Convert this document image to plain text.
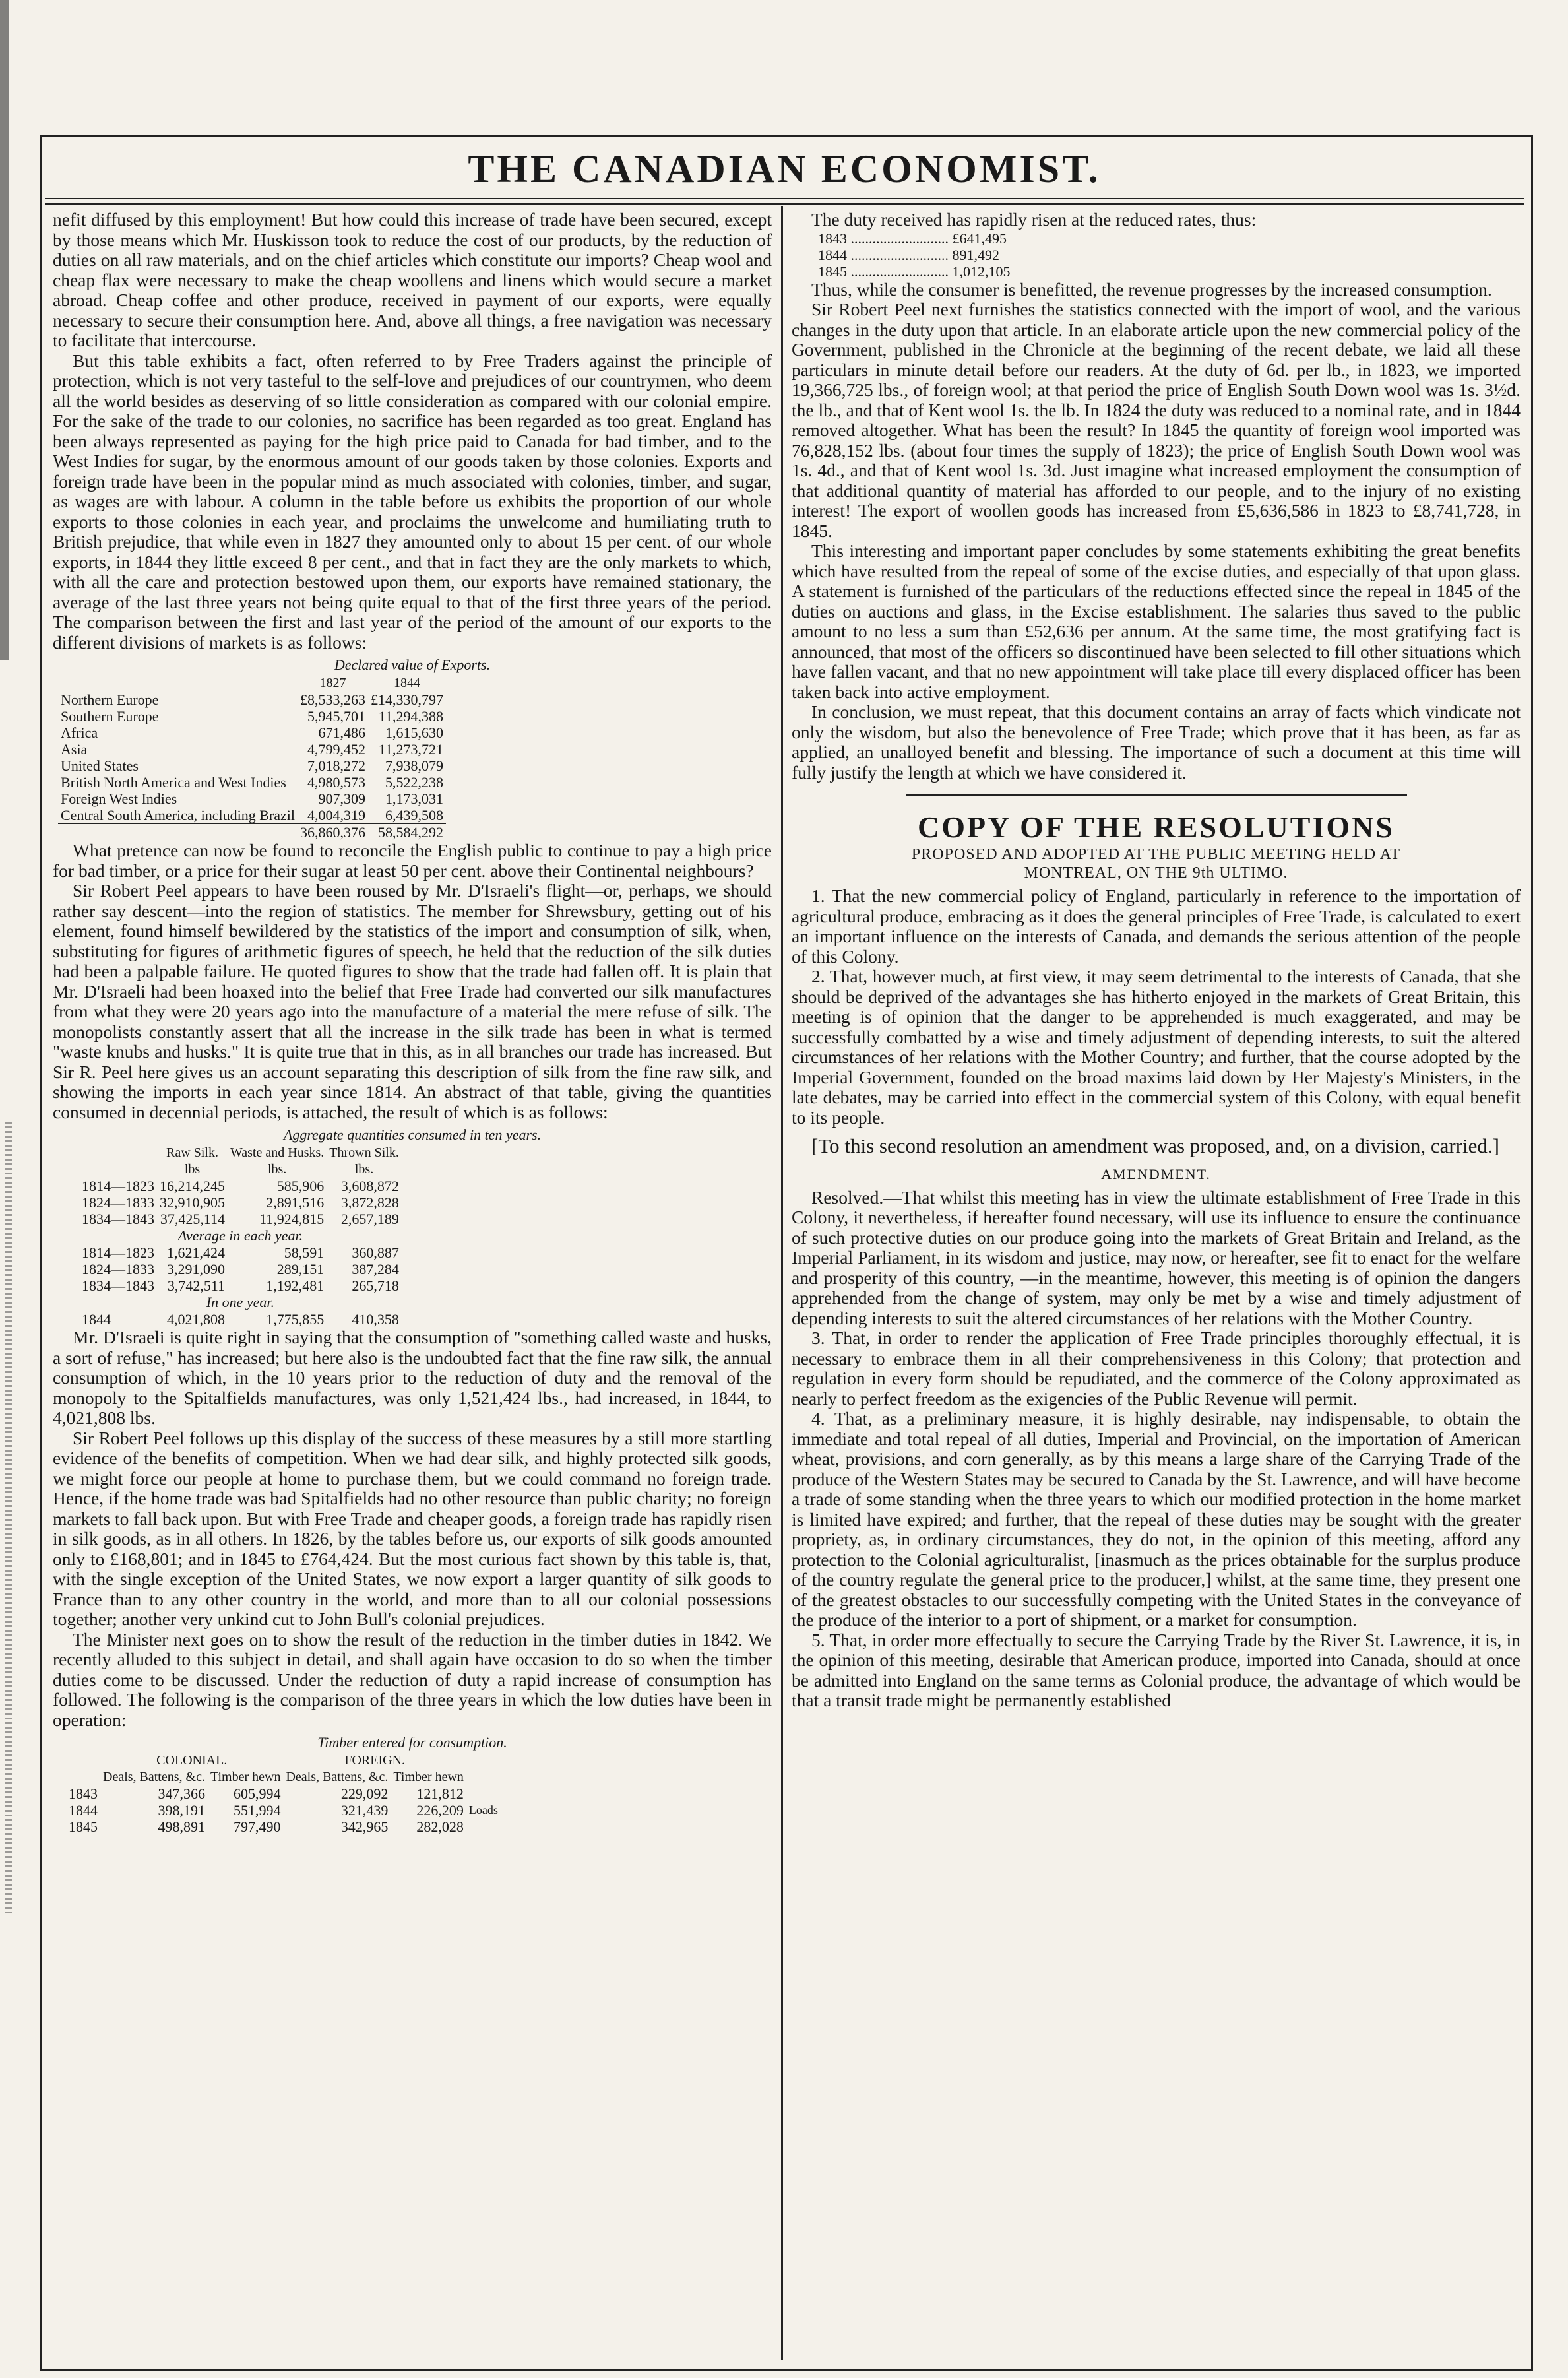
THE CANADIAN ECONOMIST.

nefit diffused by this employment! But how could this increase of trade have been secured, except by those means which Mr. Huskisson took to reduce the cost of our products, by the reduction of duties on all raw materials, and on the chief articles which constitute our imports? Cheap wool and cheap flax were necessary to make the cheap woollens and linens which would secure a market abroad. Cheap coffee and other produce, received in payment of our exports, were equally necessary to secure their consumption here. And, above all things, a free navigation was necessary to facilitate that intercourse.

But this table exhibits a fact, often referred to by Free Traders against the principle of protection, which is not very tasteful to the self-love and prejudices of our countrymen, who deem all the world besides as deserving of so little consideration as compared with our colonial empire. For the sake of the trade to our colonies, no sacrifice has been regarded as too great. England has been always represented as paying for the high price paid to Canada for bad timber, and to the West Indies for sugar, by the enormous amount of our goods taken by those colonies. Exports and foreign trade have been in the popular mind as much associated with colonies, timber, and sugar, as wages are with labour. A column in the table before us exhibits the proportion of our whole exports to those colonies in each year, and proclaims the unwelcome and humiliating truth to British prejudice, that while even in 1827 they amounted only to about 15 per cent. of our whole exports, in 1844 they little exceed 8 per cent., and that in fact they are the only markets to which, with all the care and protection bestowed upon them, our exports have remained stationary, the average of the last three years not being quite equal to that of the first three years of the period. The comparison between the first and last year of the period of the amount of our exports to the different divisions of markets is as follows:

Declared value of Exports.
	1827	1844
Northern Europe	£8,533,263	£14,330,797
Southern Europe	5,945,701	11,294,388
Africa	671,486	1,615,630
Asia	4,799,452	11,273,721
United States	7,018,272	7,938,079
British North America and West Indies	4,980,573	5,522,238
Foreign West Indies	907,309	1,173,031
Central South America, including Brazil	4,004,319	6,439,508
	36,860,376	58,584,292

What pretence can now be found to reconcile the English public to continue to pay a high price for bad timber, or a price for their sugar at least 50 per cent. above their Continental neighbours?

Sir Robert Peel appears to have been roused by Mr. D'Israeli's flight—or, perhaps, we should rather say descent—into the region of statistics. The member for Shrewsbury, getting out of his element, found himself bewildered by the statistics of the import and consumption of silk, when, substituting for figures of arithmetic figures of speech, he held that the reduction of the silk duties had been a palpable failure. He quoted figures to show that the trade had fallen off. It is plain that Mr. D'Israeli had been hoaxed into the belief that Free Trade had converted our silk manufactures from what they were 20 years ago into the manufacture of a material the mere refuse of silk. The monopolists constantly assert that all the increase in the silk trade has been in what is termed "waste knubs and husks." It is quite true that in this, as in all branches our trade has increased. But Sir R. Peel here gives us an account separating this description of silk from the fine raw silk, and showing the imports in each year since 1814. An abstract of that table, giving the quantities consumed in decennial periods, is attached, the result of which is as follows:

Aggregate quantities consumed in ten years.
	Raw Silk.	Waste and Husks.	Thrown Silk.
	lbs	lbs.	lbs.
1814—1823	16,214,245	585,906	3,608,872
1824—1833	32,910,905	2,891,516	3,872,828
1834—1843	37,425,114	11,924,815	2,657,189
Average in each year.			
1814—1823	1,621,424	58,591	360,887
1824—1833	3,291,090	289,151	387,284
1834—1843	3,742,511	1,192,481	265,718
In one year.			
1844	4,021,808	1,775,855	410,358

Mr. D'Israeli is quite right in saying that the consumption of "something called waste and husks, a sort of refuse," has increased; but here also is the undoubted fact that the fine raw silk, the annual consumption of which, in the 10 years prior to the reduction of duty and the removal of the monopoly to the Spitalfields manufactures, was only 1,521,424 lbs., had increased, in 1844, to 4,021,808 lbs.

Sir Robert Peel follows up this display of the success of these measures by a still more startling evidence of the benefits of competition. When we had dear silk, and highly protected silk goods, we might force our people at home to purchase them, but we could command no foreign trade. Hence, if the home trade was bad Spitalfields had no other resource than public charity; no foreign markets to fall back upon. But with Free Trade and cheaper goods, a foreign trade has rapidly risen in silk goods, as in all others. In 1826, by the tables before us, our exports of silk goods amounted only to £168,801; and in 1845 to £764,424. But the most curious fact shown by this table is, that, with the single exception of the United States, we now export a larger quantity of silk goods to France than to any other country in the world, and more than to all our colonial possessions together; another very unkind cut to John Bull's colonial prejudices.

The Minister next goes on to show the result of the reduction in the timber duties in 1842. We recently alluded to this subject in detail, and shall again have occasion to do so when the timber duties come to be discussed. Under the reduction of duty a rapid increase of consumption has followed. The following is the comparison of the three years in which the low duties have been in operation:

Timber entered for consumption.
	COLONIAL.		FOREIGN.		
	Deals, Battens, &c.	Timber hewn	Deals, Battens, &c.	Timber hewn	
1843	347,366	605,994	229,092	121,812	Loads
1844	398,191	551,994	321,439	226,209	
1845	498,891	797,490	342,965	282,028	

The duty received has rapidly risen at the reduced rates, thus:

1843 ........................... £641,495
1844 ........................... 891,492
1845 ........................... 1,012,105

Thus, while the consumer is benefitted, the revenue progresses by the increased consumption.

Sir Robert Peel next furnishes the statistics connected with the import of wool, and the various changes in the duty upon that article. In an elaborate article upon the new commercial policy of the Government, published in the Chronicle at the beginning of the recent debate, we laid all these particulars in minute detail before our readers. At the duty of 6d. per lb., in 1823, we imported 19,366,725 lbs., of foreign wool; at that period the price of English South Down wool was 1s. 3½d. the lb., and that of Kent wool 1s. the lb. In 1824 the duty was reduced to a nominal rate, and in 1844 removed altogether. What has been the result? In 1845 the quantity of foreign wool imported was 76,828,152 lbs. (about four times the supply of 1823); the price of English South Down wool was 1s. 4d., and that of Kent wool 1s. 3d. Just imagine what increased employment the consumption of that additional quantity of material has afforded to our people, and to the injury of no existing interest! The export of woollen goods has increased from £5,636,586 in 1823 to £8,741,728, in 1845.

This interesting and important paper concludes by some statements exhibiting the great benefits which have resulted from the repeal of some of the excise duties, and especially of that upon glass. A statement is furnished of the particulars of the reductions effected since the repeal in 1845 of the duties on auctions and glass, in the Excise establishment. The salaries thus saved to the public amount to no less a sum than £52,636 per annum. At the same time, the most gratifying fact is announced, that most of the officers so discontinued have been selected to fill other situations which have fallen vacant, and that no new appointment will take place till every displaced officer has been taken back into active employment.

In conclusion, we must repeat, that this document contains an array of facts which vindicate not only the wisdom, but also the benevolence of Free Trade; which prove that it has been, as far as applied, an unalloyed benefit and blessing. The importance of such a document at this time will fully justify the length at which we have considered it.

COPY OF THE RESOLUTIONS
PROPOSED AND ADOPTED AT THE PUBLIC MEETING HELD AT
MONTREAL, ON THE 9th ULTIMO.

1. That the new commercial policy of England, particularly in reference to the importation of agricultural produce, embracing as it does the general principles of Free Trade, is calculated to exert an important influence on the interests of Canada, and demands the serious attention of the people of this Colony.

2. That, however much, at first view, it may seem detrimental to the interests of Canada, that she should be deprived of the advantages she has hitherto enjoyed in the markets of Great Britain, this meeting is of opinion that the danger to be apprehended is much exaggerated, and may be successfully combatted by a wise and timely adjustment of depending interests, to suit the altered circumstances of her relations with the Mother Country; and further, that the course adopted by the Imperial Government, founded on the broad maxims laid down by Her Majesty's Ministers, in the late debates, may be carried into effect in the commercial system of this Colony, with equal benefit to its people.

[To this second resolution an amendment was proposed, and, on a division, carried.]

AMENDMENT.

Resolved.—That whilst this meeting has in view the ultimate establishment of Free Trade in this Colony, it nevertheless, if hereafter found necessary, will use its influence to ensure the continuance of such protective duties on our produce going into the markets of Great Britain and Ireland, as the Imperial Parliament, in its wisdom and justice, may now, or hereafter, see fit to enact for the welfare and prosperity of this country, —in the meantime, however, this meeting is of opinion the dangers apprehended from the change of system, may only be met by a wise and timely adjustment of depending interests to suit the altered circumstances of her relations with the Mother Country.

3. That, in order to render the application of Free Trade principles thoroughly effectual, it is necessary to embrace them in all their comprehensiveness in this Colony; that protection and regulation in every form should be repudiated, and the commerce of the Colony approximated as nearly to perfect freedom as the exigencies of the Public Revenue will permit.

4. That, as a preliminary measure, it is highly desirable, nay indispensable, to obtain the immediate and total repeal of all duties, Imperial and Provincial, on the importation of American wheat, provisions, and corn generally, as by this means a large share of the Carrying Trade of the produce of the Western States may be secured to Canada by the St. Lawrence, and will have become a trade of some standing when the three years to which our modified protection in the home market is limited have expired; and further, that the repeal of these duties may be sought with the greater propriety, as, in ordinary circumstances, they do not, in the opinion of this meeting, afford any protection to the Colonial agriculturalist, [inasmuch as the prices obtainable for the surplus produce of the country regulate the general price to the producer,] whilst, at the same time, they present one of the greatest obstacles to our successfully competing with the United States in the conveyance of the produce of the interior to a port of shipment, or a market for consumption.

5. That, in order more effectually to secure the Carrying Trade by the River St. Lawrence, it is, in the opinion of this meeting, desirable that American produce, imported into Canada, should at once be admitted into England on the same terms as Colonial produce, the advantage of which would be that a transit trade might be permanently established
